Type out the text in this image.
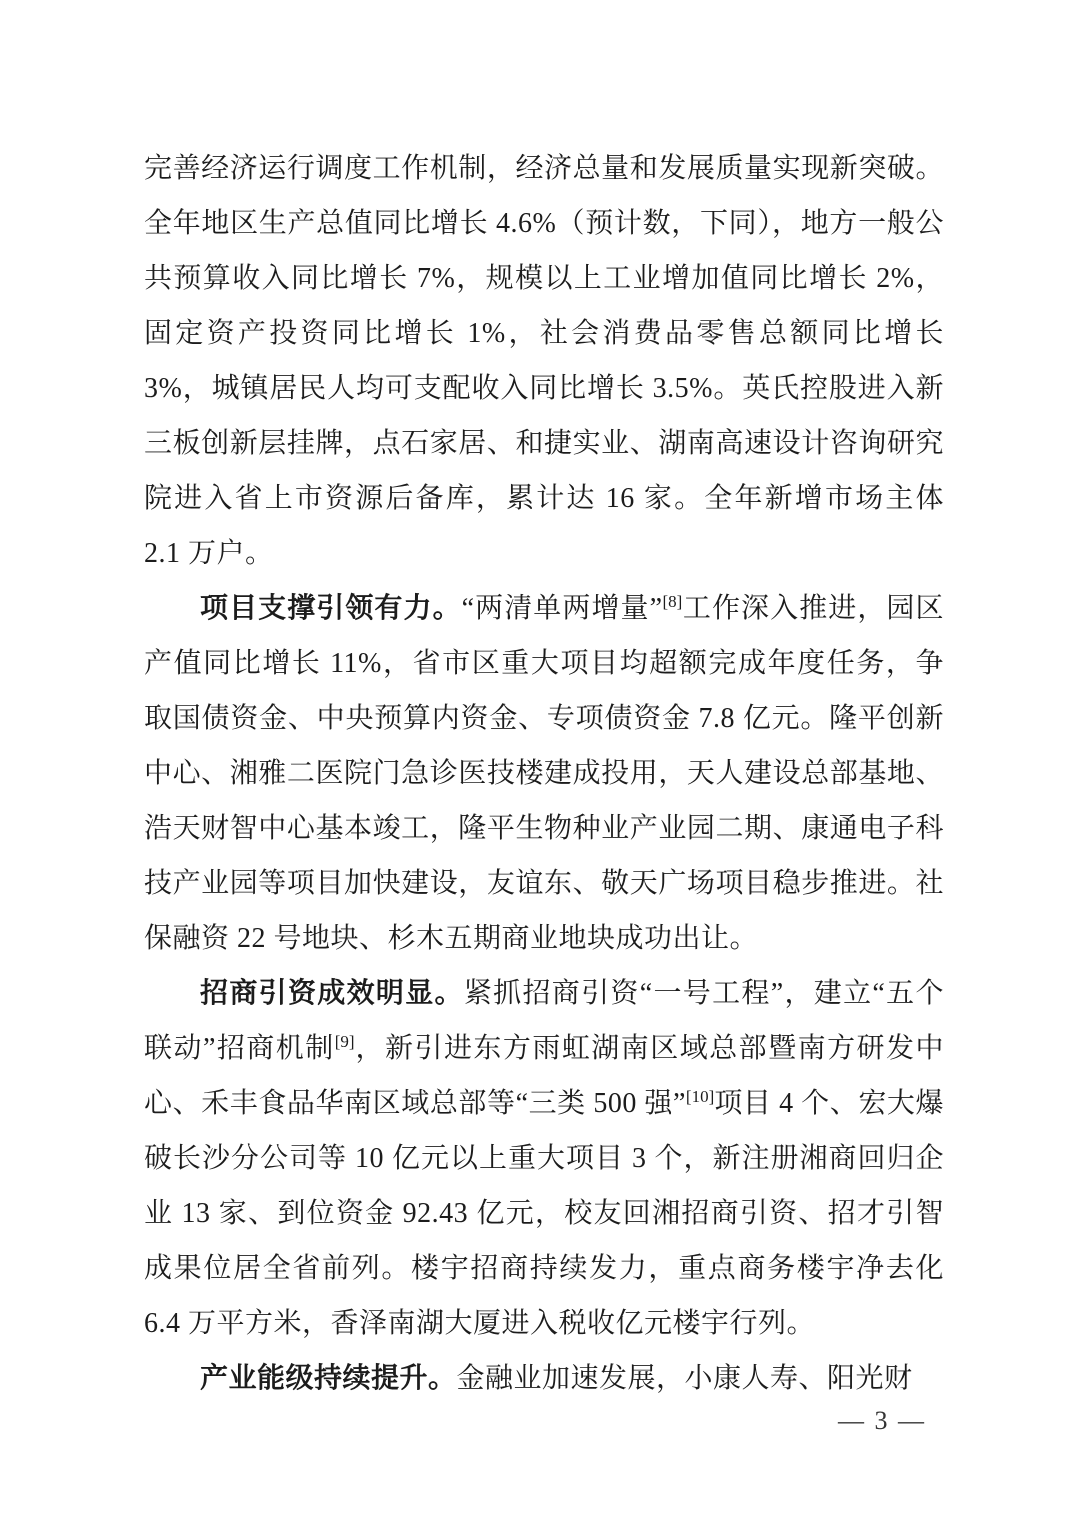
完善经济运行调度工作机制，经济总量和发展质量实现新突破。全年地区生产总值同比增长 4.6%（预计数，下同），地方一般公共预算收入同比增长 7%，规模以上工业增加值同比增长 2%，固定资产投资同比增长 1%，社会消费品零售总额同比增长 3%，城镇居民人均可支配收入同比增长 3.5%。英氏控股进入新三板创新层挂牌，点石家居、和捷实业、湖南高速设计咨询研究院进入省上市资源后备库，累计达 16 家。全年新增市场主体 2.1 万户。

项目支撑引领有力。“两清单两增量”[8]工作深入推进，园区产值同比增长 11%，省市区重大项目均超额完成年度任务，争取国债资金、中央预算内资金、专项债资金 7.8 亿元。隆平创新中心、湘雅二医院门急诊医技楼建成投用，天人建设总部基地、浩天财智中心基本竣工，隆平生物种业产业园二期、康通电子科技产业园等项目加快建设，友谊东、敬天广场项目稳步推进。社保融资 22 号地块、杉木五期商业地块成功出让。

招商引资成效明显。紧抓招商引资“一号工程”，建立“五个联动”招商机制[9]，新引进东方雨虹湖南区域总部暨南方研发中心、禾丰食品华南区域总部等“三类 500 强”[10]项目 4 个、宏大爆破长沙分公司等 10 亿元以上重大项目 3 个，新注册湘商回归企业 13 家、到位资金 92.43 亿元，校友回湘招商引资、招才引智成果位居全省前列。楼宇招商持续发力，重点商务楼宇净去化 6.4 万平方米，香泽南湖大厦进入税收亿元楼宇行列。

产业能级持续提升。金融业加速发展，小康人寿、阳光财

— 3 —
